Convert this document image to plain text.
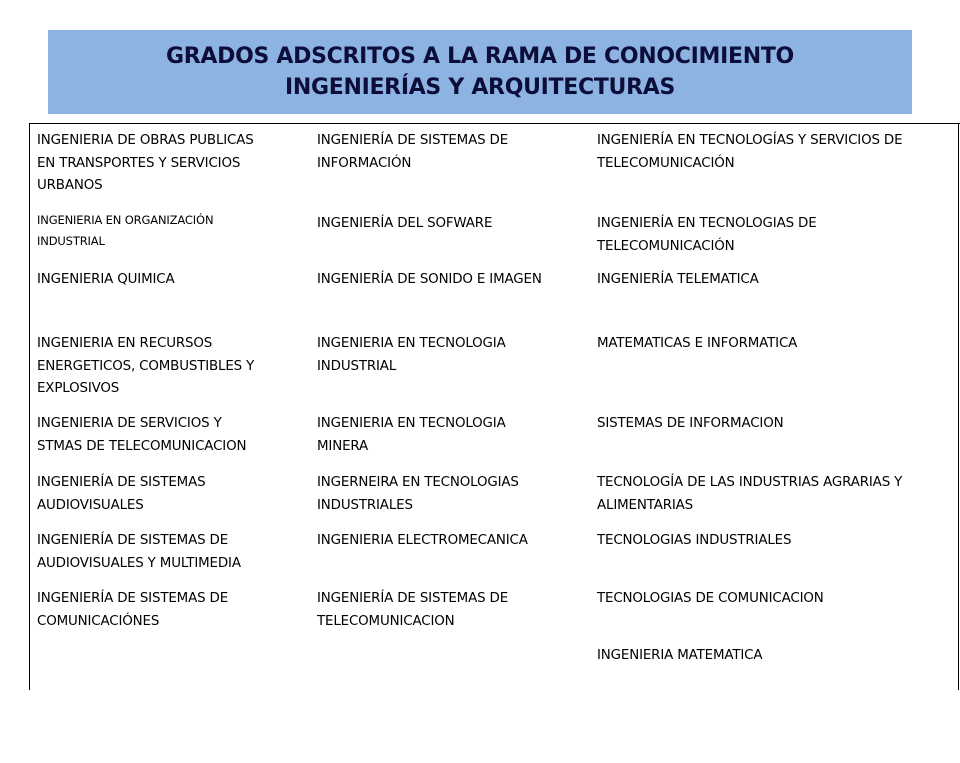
GRADOS ADSCRITOS A LA RAMA DE CONOCIMIENTO
INGENIERÍAS Y ARQUITECTURAS
INGENIERIA DE OBRAS PUBLICAS
EN TRANSPORTES Y SERVICIOS
URBANOS
INGENIERIA EN ORGANIZACIÓN
INDUSTRIAL
INGENIERIA QUIMICA
INGENIERIA EN RECURSOS
ENERGETICOS, COMBUSTIBLES Y
EXPLOSIVOS
INGENIERIA DE SERVICIOS Y
STMAS DE TELECOMUNICACION
INGENIERÍA DE SISTEMAS
AUDIOVISUALES
INGENIERÍA DE SISTEMAS DE
AUDIOVISUALES Y MULTIMEDIA
INGENIERÍA DE SISTEMAS DE
COMUNICACIÓNES
INGENIERÍA DE SISTEMAS DE
INFORMACIÓN
INGENIERÍA DEL SOFWARE
INGENIERÍA DE SONIDO E IMAGEN
INGENIERIA EN TECNOLOGIA
INDUSTRIAL
INGENIERIA EN TECNOLOGIA
MINERA
INGERNEIRA EN TECNOLOGIAS
INDUSTRIALES
INGENIERIA ELECTROMECANICA
INGENIERÍA DE SISTEMAS DE
TELECOMUNICACION
INGENIERÍA EN TECNOLOGÍAS Y SERVICIOS DE
TELECOMUNICACIÓN
INGENIERÍA EN TECNOLOGIAS DE
TELECOMUNICACIÓN
INGENIERÍA TELEMATICA
MATEMATICAS E INFORMATICA
SISTEMAS DE INFORMACION
TECNOLOGÍA DE LAS INDUSTRIAS AGRARIAS Y
ALIMENTARIAS
TECNOLOGIAS INDUSTRIALES
TECNOLOGIAS DE COMUNICACION
INGENIERIA MATEMATICA
